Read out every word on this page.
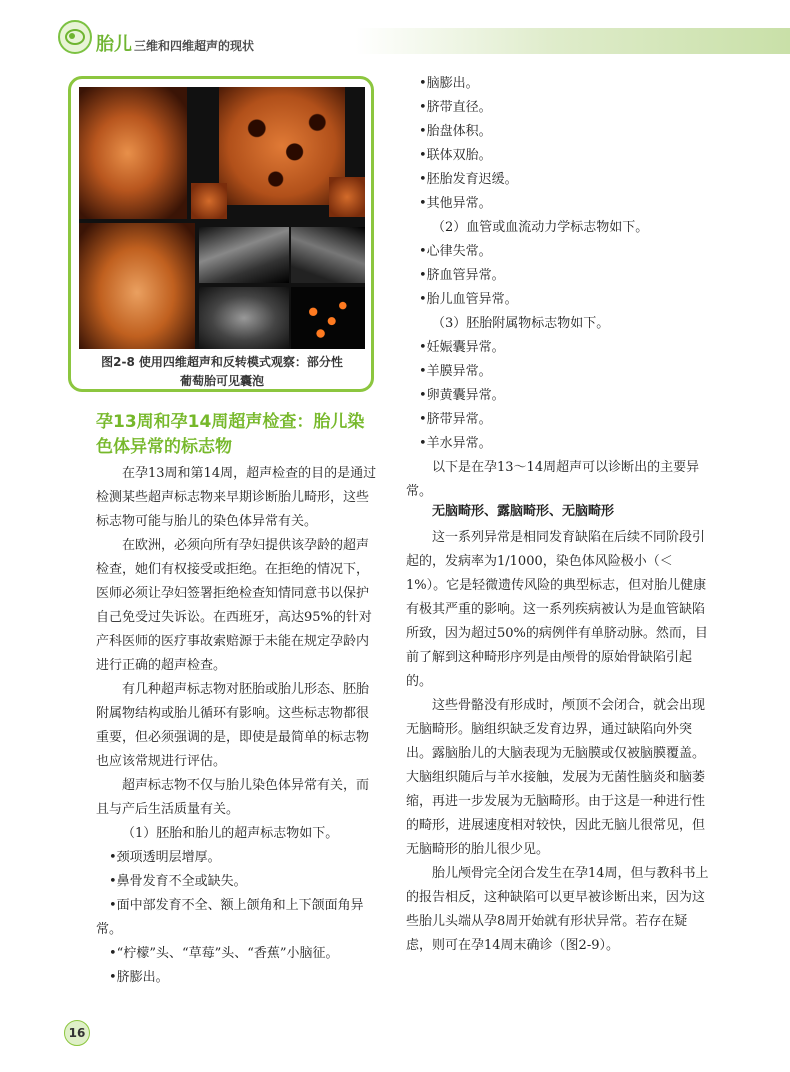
胎儿 三维和四维超声的现状
图2-8 使用四维超声和反转模式观察：部分性
葡萄胎可见囊泡
孕13周和孕14周超声检查：胎儿染色体异常的标志物

在孕13周和第14周，超声检查的目的是通过检测某些超声标志物来早期诊断胎儿畸形，这些标志物可能与胎儿的染色体异常有关。

在欧洲，必须向所有孕妇提供该孕龄的超声检查，她们有权接受或拒绝。在拒绝的情况下，医师必须让孕妇签署拒绝检查知情同意书以保护自己免受过失诉讼。在西班牙，高达95%的针对产科医师的医疗事故索赔源于未能在规定孕龄内进行正确的超声检查。

有几种超声标志物对胚胎或胎儿形态、胚胎附属物结构或胎儿循环有影响。这些标志物都很重要，但必须强调的是，即使是最简单的标志物也应该常规进行评估。

超声标志物不仅与胎儿染色体异常有关，而且与产后生活质量有关。

（1）胚胎和胎儿的超声标志物如下。

•颈项透明层增厚。

•鼻骨发育不全或缺失。

•面中部发育不全、额上颌角和上下颌面角异常。

•“柠檬”头、“草莓”头、“香蕉”小脑征。

•脐膨出。

•脑膨出。

•脐带直径。

•胎盘体积。

•联体双胎。

•胚胎发育迟缓。

•其他异常。

（2）血管或血流动力学标志物如下。

•心律失常。

•脐血管异常。

•胎儿血管异常。

（3）胚胎附属物标志物如下。

•妊娠囊异常。

•羊膜异常。

•卵黄囊异常。

•脐带异常。

•羊水异常。

以下是在孕13～14周超声可以诊断出的主要异常。

无脑畸形、露脑畸形、无脑畸形

这一系列异常是相同发育缺陷在后续不同阶段引起的，发病率为1/1000，染色体风险极小（＜1%）。它是轻微遗传风险的典型标志，但对胎儿健康有极其严重的影响。这一系列疾病被认为是血管缺陷所致，因为超过50%的病例伴有单脐动脉。然而，目前了解到这种畸形序列是由颅骨的原始骨缺陷引起的。

这些骨骼没有形成时，颅顶不会闭合，就会出现无脑畸形。脑组织缺乏发育边界，通过缺陷向外突出。露脑胎儿的大脑表现为无脑膜或仅被脑膜覆盖。大脑组织随后与羊水接触，发展为无菌性脑炎和脑萎缩，再进一步发展为无脑畸形。由于这是一种进行性的畸形，进展速度相对较快，因此无脑儿很常见，但无脑畸形的胎儿很少见。

胎儿颅骨完全闭合发生在孕14周，但与教科书上的报告相反，这种缺陷可以更早被诊断出来，因为这些胎儿头端从孕8周开始就有形状异常。若存在疑虑，则可在孕14周末确诊（图2-9）。

16
